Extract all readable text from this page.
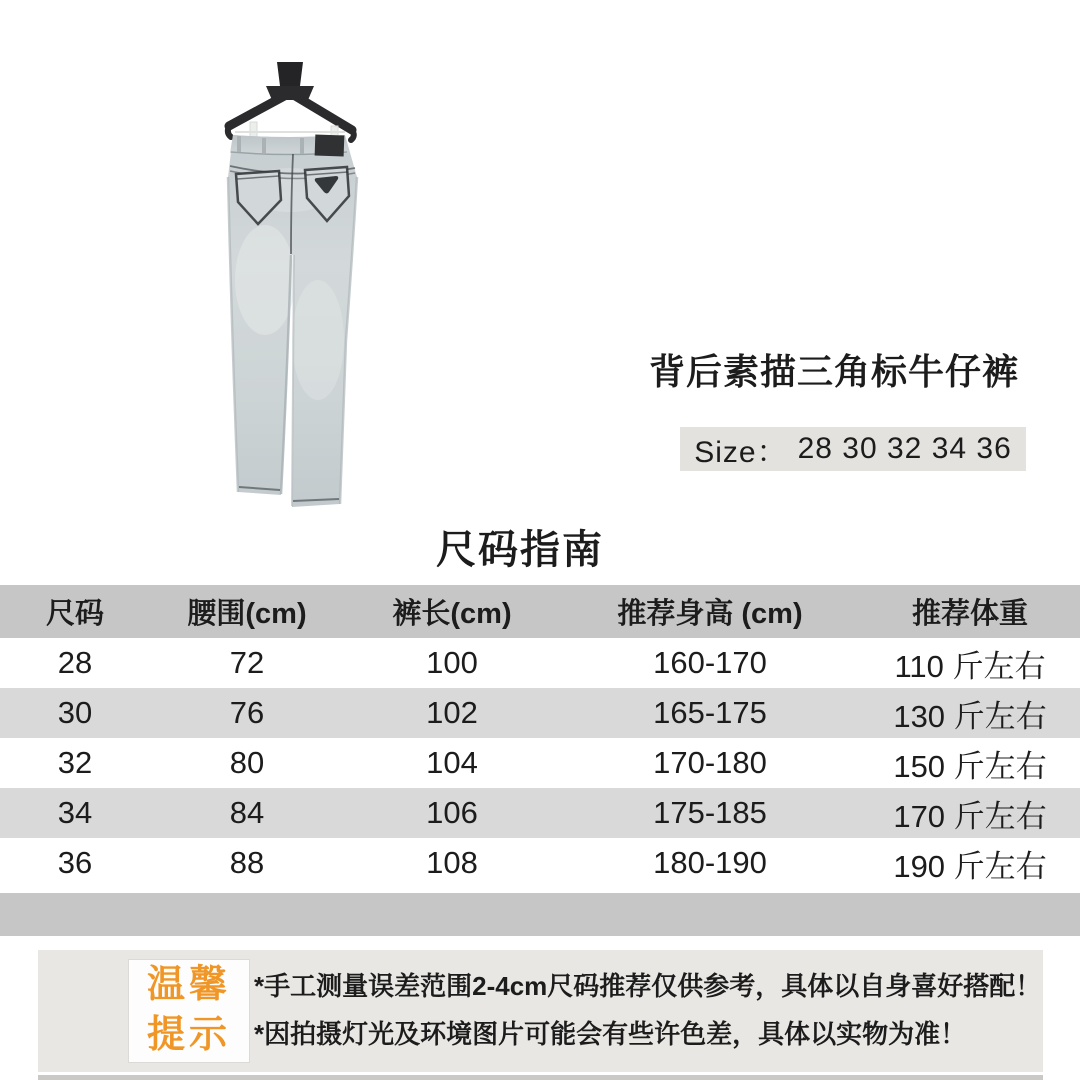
背后素描三角标牛仔裤
Size： 28 30 32 34 36
尺码指南
尺码	腰围(cm)	裤长(cm)	推荐身高 (cm)	推荐体重
28	72	100	160-170	110 斤左右
30	76	102	165-175	130 斤左右
32	80	104	170-180	150 斤左右
34	84	106	175-185	170 斤左右
36	88	108	180-190	190 斤左右
温馨
提示
*手工测量误差范围2-4cm尺码推荐仅供参考，具体以自身喜好搭配！
*因拍摄灯光及环境图片可能会有些许色差，具体以实物为准！
